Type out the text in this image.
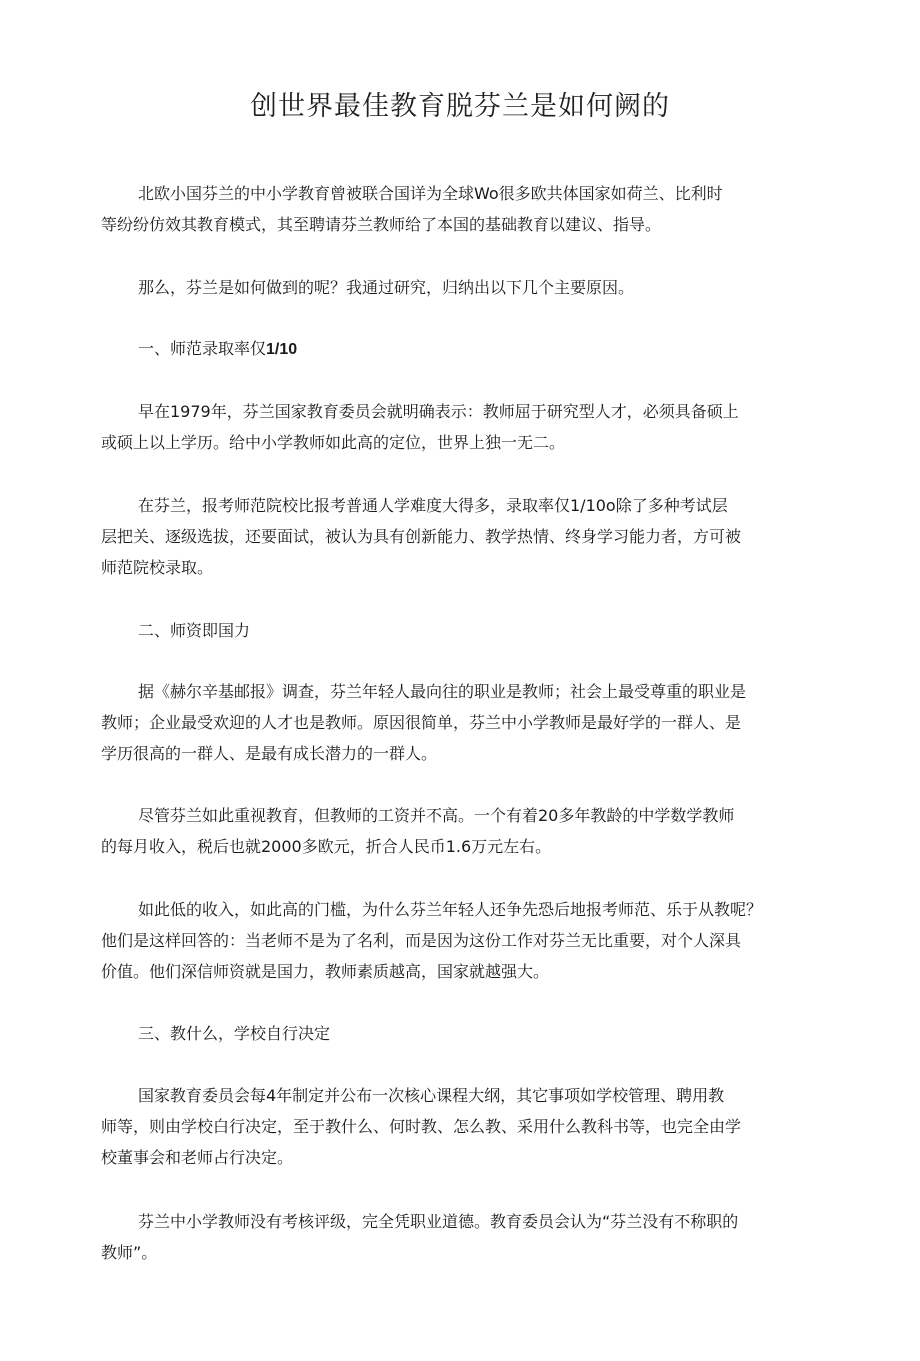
创世界最佳教育脱芬兰是如何阙的
北欧小国芬兰的中小学教育曾被联合国详为全球Wo很多欧共体国家如荷兰、比利时
等纷纷仿效其教育模式，其至聘请芬兰教师给了本国的基础教育以建议、指导。
那么，芬兰是如何做到的呢？我通过研究，归纳出以下几个主要原因。
一、师范录取率仅1/10
早在1979年，芬兰国家教育委员会就明确表示：教师屈于研究型人才，必须具备硕上
或硕上以上学历。给中小学教师如此高的定位，世界上独一无二。
在芬兰，报考师范院校比报考普通人学难度大得多，录取率仅1/10o除了多种考试层
层把关、逐级选拔，还要面试，被认为具有创新能力、教学热情、终身学习能力者，方可被
师范院校录取。
二、师资即国力
据《赫尔辛基邮报》调查，芬兰年轻人最向往的职业是教师；社会上最受尊重的职业是
教师；企业最受欢迎的人才也是教师。原因很简单，芬兰中小学教师是最好学的一群人、是
学历很高的一群人、是最有成长潜力的一群人。
尽管芬兰如此重视教育，但教师的工资并不高。一个有着20多年教龄的中学数学教师
的每月收入，税后也就2000多欧元，折合人民币1.6万元左右。
如此低的收入，如此高的门槛，为什么芬兰年轻人还争先恐后地报考师范、乐于从教呢？
他们是这样回答的：当老师不是为了名利，而是因为这份工作对芬兰无比重要，对个人深具
价值。他们深信师资就是国力，教师素质越高，国家就越强大。
三、教什么，学校自行决定
国家教育委员会每4年制定并公布一次核心课程大纲，其它事项如学校管理、聘用教
师等，则由学校白行决定，至于教什么、何时教、怎么教、采用什么教科书等，也完全由学
校董事会和老师占行决定。
芬兰中小学教师没有考核评级，完全凭职业道德。教育委员会认为“芬兰没有不称职的
教师”。
